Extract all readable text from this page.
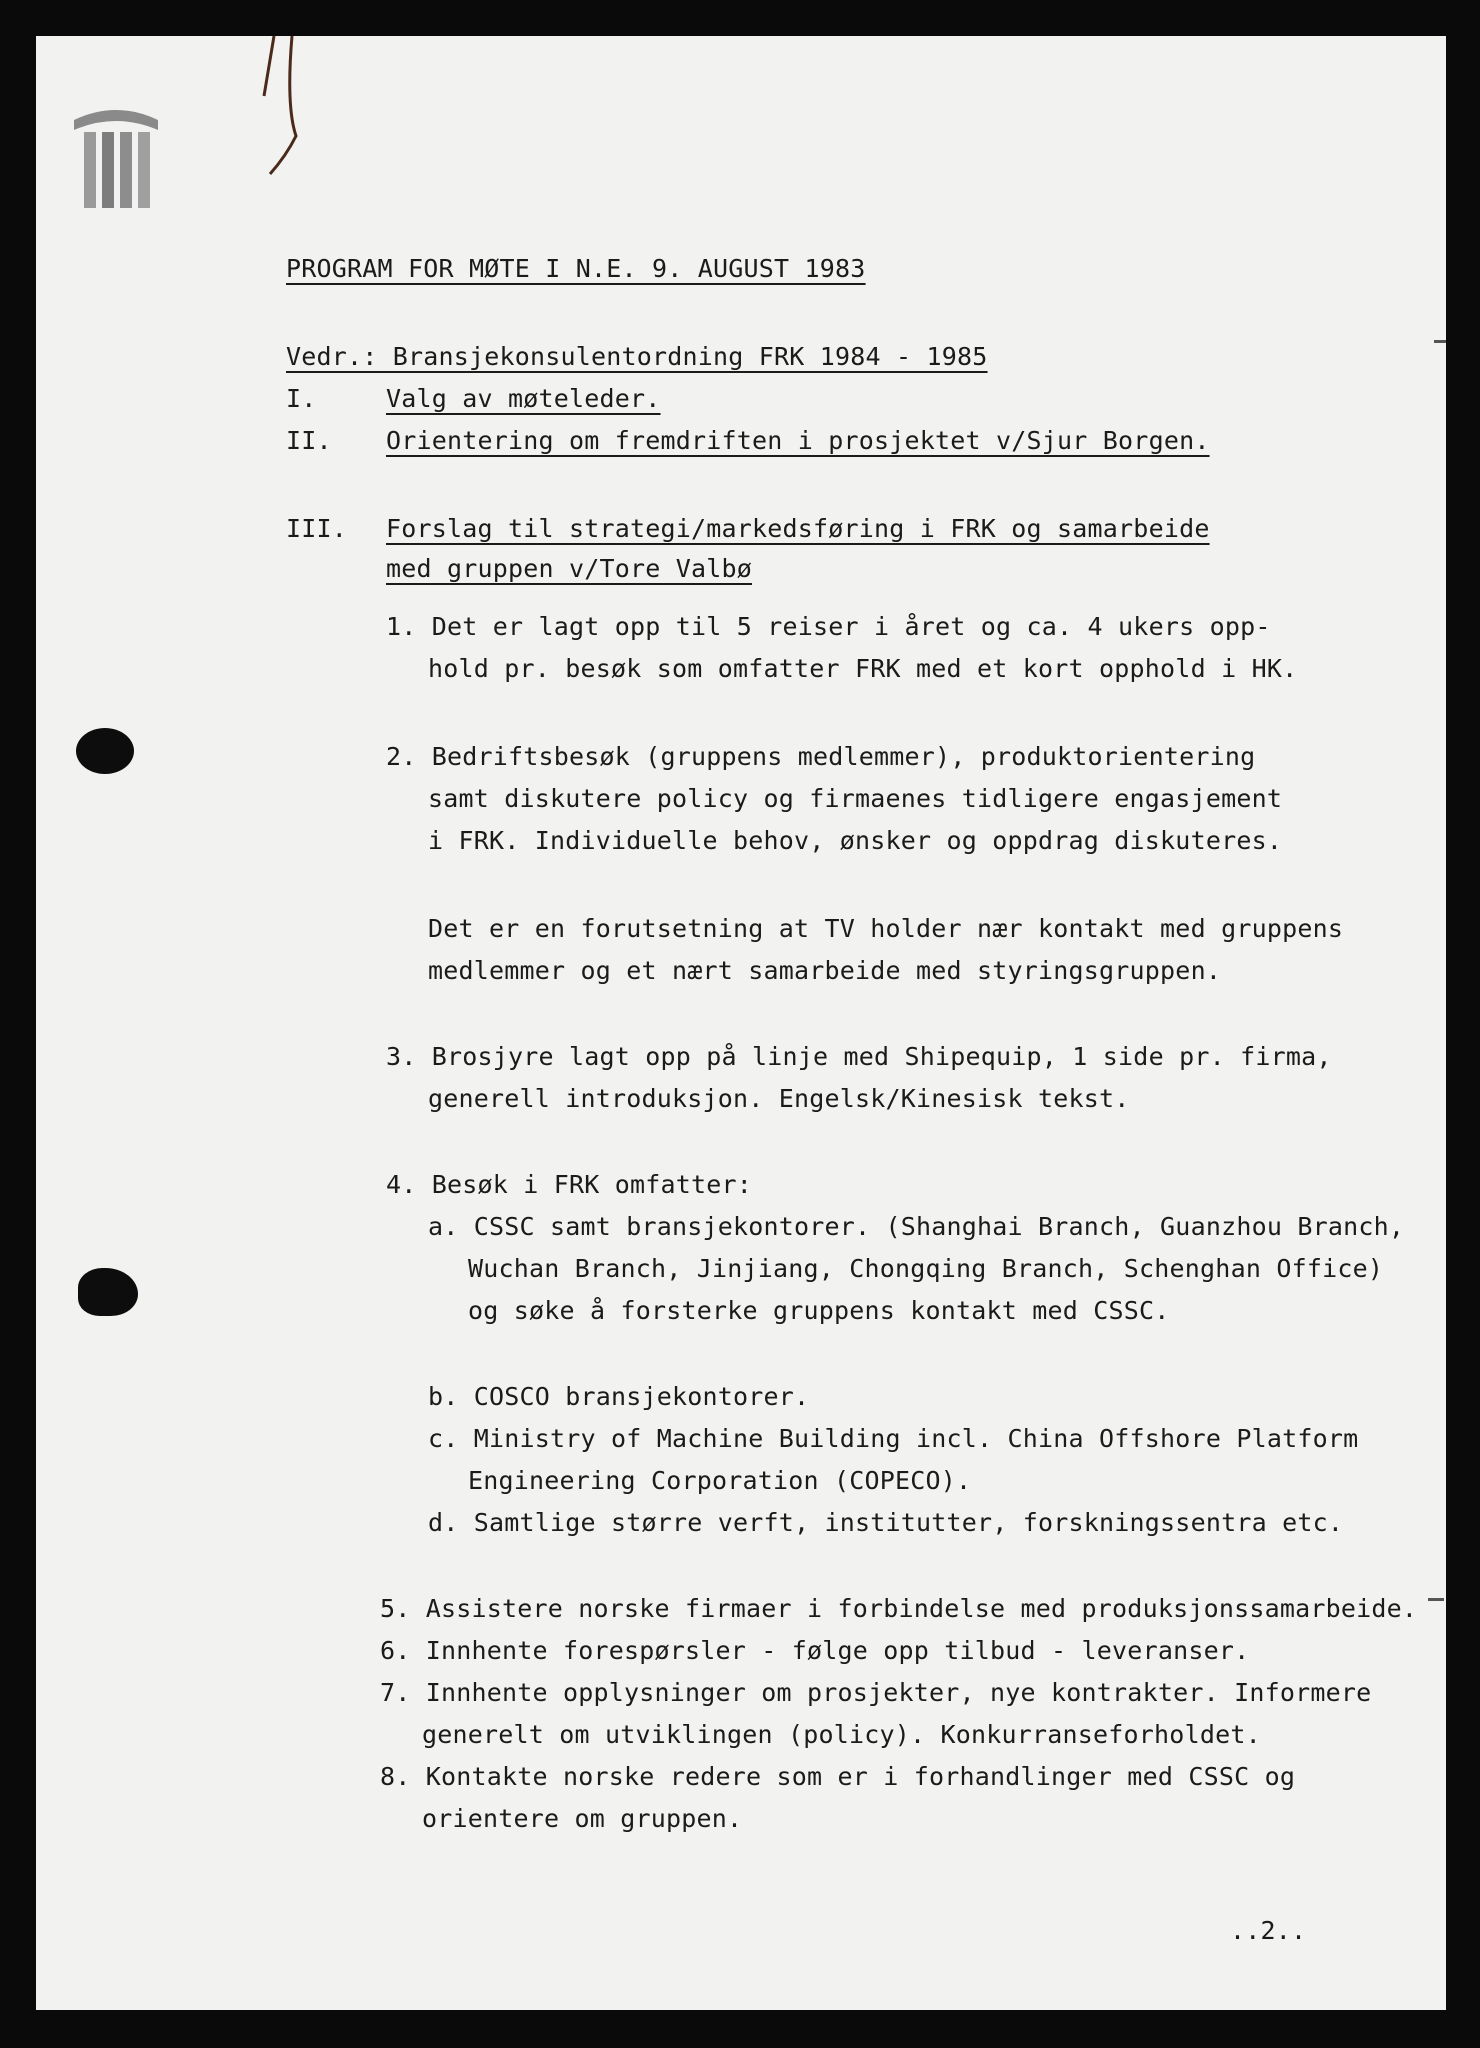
PROGRAM FOR MØTE I N.E. 9. AUGUST 1983
Vedr.: Bransjekonsulentordning FRK 1984 - 1985
I.	Valg av møteleder.
II. Orientering om fremdriften i prosjektet v/Sjur Borgen.
III. Forslag til strategi/markedsføring i FRK og samarbeide
med gruppen v/Tore Valbø
1. Det er lagt opp til 5 reiser i året og ca. 4 ukers opp-
hold pr. besøk som omfatter FRK med et kort opphold i HK.
2. Bedriftsbesøk (gruppens medlemmer), produktorientering
samt diskutere policy og firmaenes tidligere engasjement
i FRK. Individuelle behov, ønsker og oppdrag diskuteres.
Det er en forutsetning at TV holder nær kontakt med gruppens
medlemmer og et nært samarbeide med styringsgruppen.
3. Brosjyre lagt opp på linje med Shipequip, 1 side pr. firma,
generell introduksjon. Engelsk/Kinesisk tekst.
4. Besøk i FRK omfatter:
a. CSSC samt bransjekontorer. (Shanghai Branch, Guanzhou Branch,
Wuchan Branch, Jinjiang, Chongqing Branch, Schenghan Office)
og søke å forsterke gruppens kontakt med CSSC.
b. COSCO bransjekontorer.
c. Ministry of Machine Building incl. China Offshore Platform
Engineering Corporation (COPECO).
d. Samtlige større verft, institutter, forskningssentra etc.
5. Assistere norske firmaer i forbindelse med produksjonssamarbeide.
6. Innhente forespørsler - følge opp tilbud - leveranser.
7. Innhente opplysninger om prosjekter, nye kontrakter. Informere
generelt om utviklingen (policy). Konkurranseforholdet.
8. Kontakte norske redere som er i forhandlinger med CSSC og
orientere om gruppen.
..2..
